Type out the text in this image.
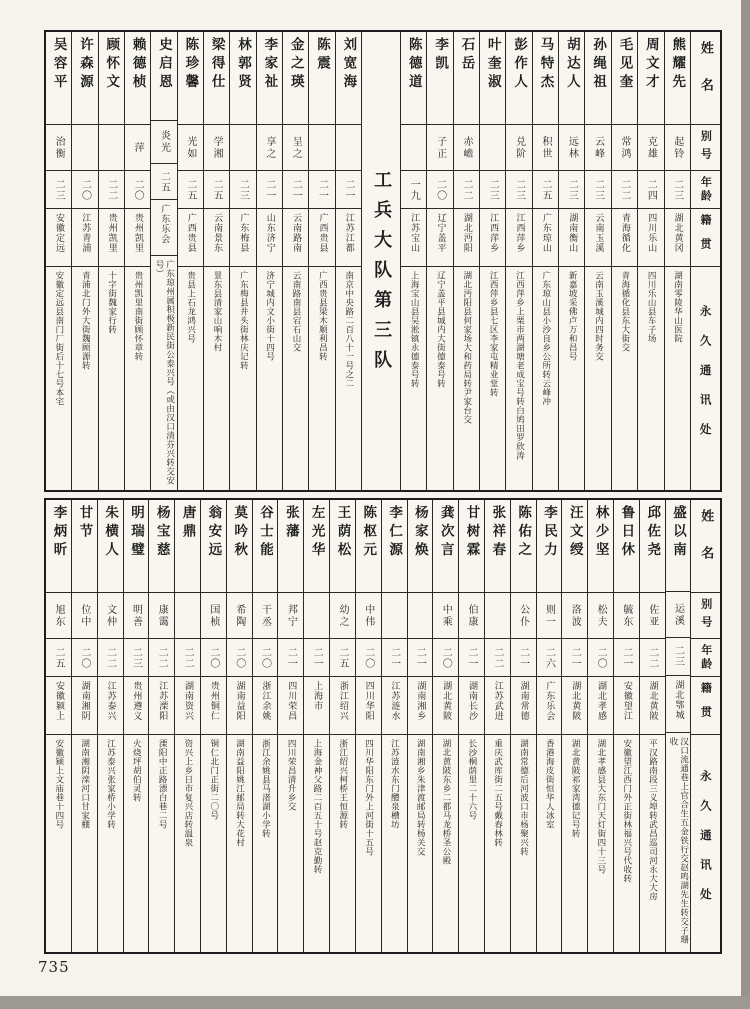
姓名
别号
年龄
籍贯
永久通讯处
熊耀先
起铃
二三
湖北黄冈
湖南零陵华山医院
周文才
克雄
二四
四川乐山
四川乐山县车子场
毛见奎
常鸿
二二
青海循化
青海循化县东大街交
孙绳祖
云峰
二三
云南玉溪
云南玉溪城内四时务交
胡达人
远林
二三
湖南衡山
新嘉坡采佛卢万和昌号
马特杰
积世
二五
广东琼山
广东琼山县小沙良乡公所转云峰冲
彭作人
兑阶
二三
江西萍乡
江西萍乡上栗市两湖塘老成宝号转白鸠田罗欣涛
叶奎淑
二三
江西萍乡
江西萍乡县七区李家屯精业堂转
石岳
赤嶦
二二
湖北沔阳
湖北沔阳县何家场大和药局转尹家台交
李凯
子正
二〇
辽宁盖平
辽宁盖平县城内大街德泰号转
陈德道
一九
江苏宝山
上海宝山县吴淞镇永德泰号转
工兵大队第三队
刘宽海
二一
江苏江都
南京中央路二百八十一号之二
陈震
二一
广西贵县
广西贵县梁木顺利昌转
金之瑛
呈之
二一
云南路南
云南路南县宕石山交
李家祉
享之
二一
山东济宁
济宁城内文小街十四号
林郭贤
二三
广东梅县
广东梅县井头街林庆记转
梁得仕
学湘
二五
云南景东
景东县清家山响木村
陈珍馨
光如
二五
广西贵县
贵县上石龙鸿兴号
史启恩
炎光
二五
广东乐会
广东琼州属积极新民街公泰兴号（或由汉口清芬兴转交安号）
赖德桢
萍
二〇
贵州凯里
贵州凯里南街顾怀章转
顾怀文
二二
贵州凯里
十字街魏家行转
许森源
二〇
江苏青浦
青浦北门外大街魏顾源转
吴容平
治衡
二三
安徽定远
安徽定远县南门厂街后十七号本宅
姓名
别号
年龄
籍贯
永久通讯处
盛以南
运溪
二三
湖北鄂城
汉口流通巷上官合生五金铁行交赵鸣湖先生转交子珊收
邱佐尧
佐亚
二二
湖北黄陂
平汉路南段三义埠转武昌巡司河永大大房
鲁日休
毓东
二一
安徽望江
安徽望江西门外正街林福兴号代收转
林少坚
松夫
二〇
湖北孝感
湖北孝感县大东门天灯街四十三号
汪文绶
洛波
二一
湖北黄陂
湖北黄陂祁家湾德记号转
李民力
则一
二六
广东乐会
香港海皮街恒华人冰室
陈佑之
公仆
二一
湖南常德
湖南常德后河波口市杨聚兴转
张祥春
二二
江苏武进
重庆武库街二五号戴春林转
甘树霖
伯康
二一
湖南长沙
长沙桐荫里二十六号
龚次言
中乘
二〇
湖北黄陂
湖北黄陂东乡二都马龙桥圣公殿
杨家焕
二一
湖南湘乡
湖南湘乡朱津渡邮局转杨关交
李仁源
二一
江苏涟水
江苏涟水东门醴泉槽坊
陈枢元
中伟
二〇
四川华阳
四川华阳东门外上河街十五号
王荫松
幼之
二五
浙江绍兴
浙江绍兴柯桥王恒源转
左光华
二一
上海市
上海金神父路二百五十号赵克勤转
张藩
邦宁
二一
四川荣昌
四川荣昌清升乡交
谷士能
干丞
二〇
浙江余姚
浙江余姚县马渚湖小学转
莫吟秋
希陶
二〇
湖南益阳
湖南益阳姚江邮局转大花村
翁安远
国桢
二〇
贵州铜仁
铜仁北门正街二〇号
唐鼎
二二
湖南资兴
资兴上乡日市复兴店转温泉
杨宝慈
康霭
二二
江苏溧阳
溧阳中正路漂白巷二号
明瑞璧
明善
二三
贵州遵义
火烧坪胡伯灵转
朱横人
文仲
二二
江苏泰兴
江苏泰兴张家桥小学转
甘节
位中
二〇
湖南湘阴
湖南湘阴滦河口甘家棚
李炳昕
旭东
二五
安徽颍上
安徽颍上文庙巷十四号
735
